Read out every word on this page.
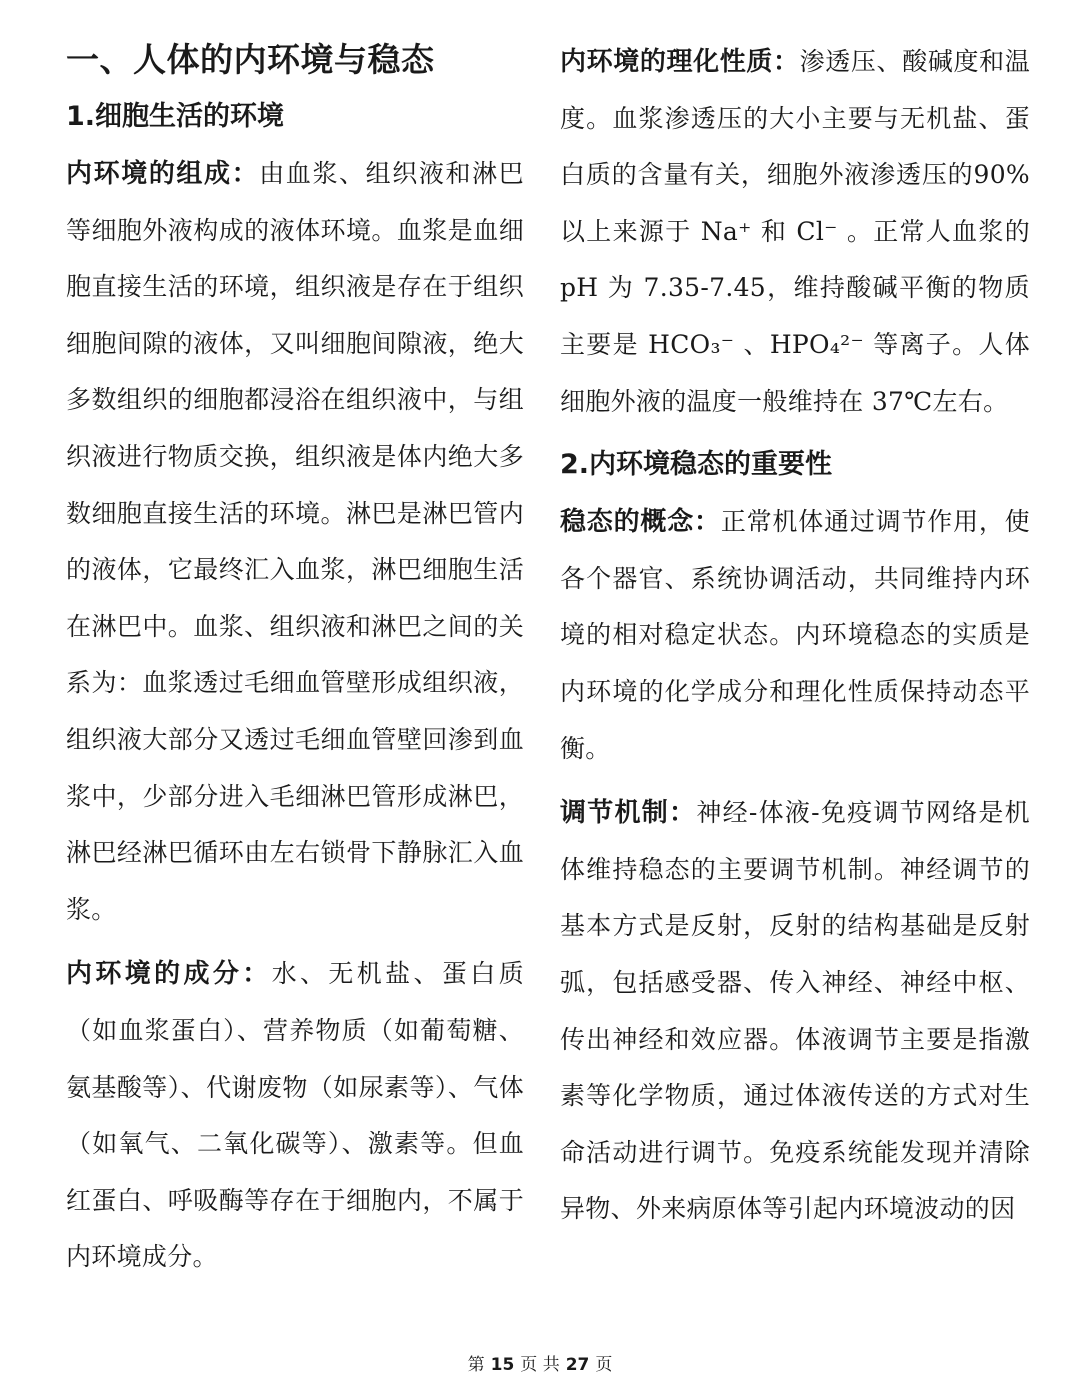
一、人体的内环境与稳态
1.细胞生活的环境

内环境的组成：由血浆、组织液和淋巴等细胞外液构成的液体环境。血浆是血细胞直接生活的环境，组织液是存在于组织细胞间隙的液体，又叫细胞间隙液，绝大多数组织的细胞都浸浴在组织液中，与组织液进行物质交换，组织液是体内绝大多数细胞直接生活的环境。淋巴是淋巴管内的液体，它最终汇入血浆，淋巴细胞生活在淋巴中。血浆、组织液和淋巴之间的关系为：血浆透过毛细血管壁形成组织液，组织液大部分又透过毛细血管壁回渗到血浆中，少部分进入毛细淋巴管形成淋巴，淋巴经淋巴循环由左右锁骨下静脉汇入血浆。

内环境的成分：水、无机盐、蛋白质（如血浆蛋白）、营养物质（如葡萄糖、氨基酸等）、代谢废物（如尿素等）、气体（如氧气、二氧化碳等）、激素等。但血红蛋白、呼吸酶等存在于细胞内，不属于内环境成分。

内环境的理化性质：渗透压、酸碱度和温度。血浆渗透压的大小主要与无机盐、蛋白质的含量有关，细胞外液渗透压的90%以上来源于 Na⁺ 和 Cl⁻ 。正常人血浆的 pH 为 7.35-7.45，维持酸碱平衡的物质主要是 HCO₃⁻ 、HPO₄²⁻ 等离子。人体细胞外液的温度一般维持在 37℃左右。

2.内环境稳态的重要性

稳态的概念：正常机体通过调节作用，使各个器官、系统协调活动，共同维持内环境的相对稳定状态。内环境稳态的实质是内环境的化学成分和理化性质保持动态平衡。

调节机制：神经-体液-免疫调节网络是机体维持稳态的主要调节机制。神经调节的基本方式是反射，反射的结构基础是反射弧，包括感受器、传入神经、神经中枢、传出神经和效应器。体液调节主要是指激素等化学物质，通过体液传送的方式对生命活动进行调节。免疫系统能发现并清除异物、外来病原体等引起内环境波动的因

第 15 页 共 27 页
